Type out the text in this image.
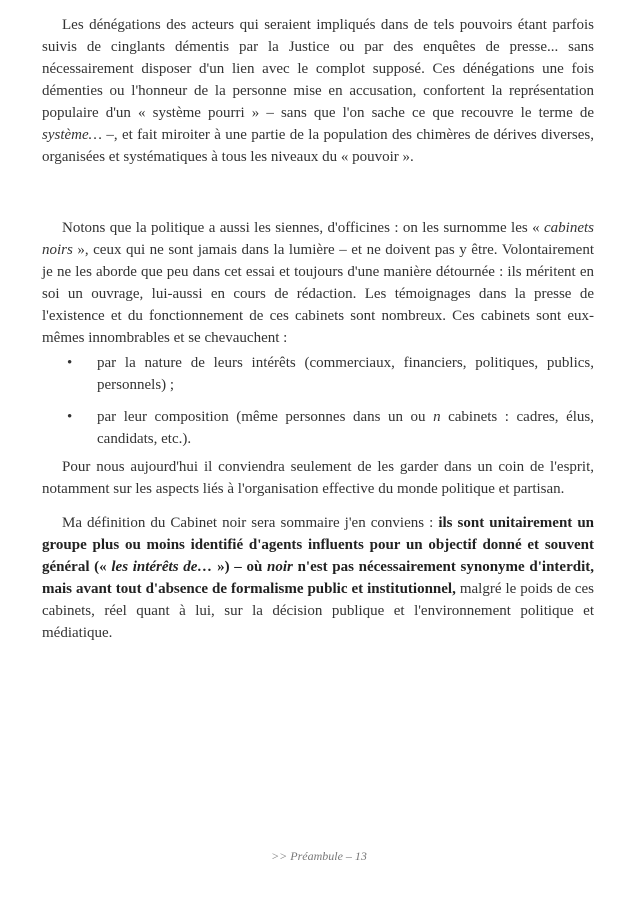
Les dénégations des acteurs qui seraient impliqués dans de tels pouvoirs étant parfois suivis de cinglants démentis par la Justice ou par des enquêtes de presse... sans nécessairement disposer d'un lien avec le complot supposé. Ces dénégations une fois démenties ou l'honneur de la personne mise en accusation, confortent la représentation populaire d'un « système pourri » – sans que l'on sache ce que recouvre le terme de système… –, et fait miroiter à une partie de la population des chimères de dérives diverses, organisées et systématiques à tous les niveaux du « pouvoir ».

Notons que la politique a aussi les siennes, d'officines : on les surnomme les « cabinets noirs », ceux qui ne sont jamais dans la lumière – et ne doivent pas y être. Volontairement je ne les aborde que peu dans cet essai et toujours d'une manière détournée : ils méritent en soi un ouvrage, lui-aussi en cours de rédaction. Les témoignages dans la presse de l'existence et du fonctionnement de ces cabinets sont nombreux. Ces cabinets sont eux-mêmes innombrables et se chevauchent :

• par la nature de leurs intérêts (commerciaux, financiers, politiques, publics, personnels) ;
• par leur composition (même personnes dans un ou n cabinets : cadres, élus, candidats, etc.).

Pour nous aujourd'hui il conviendra seulement de les garder dans un coin de l'esprit, notamment sur les aspects liés à l'organisation effective du monde politique et partisan.

Ma définition du Cabinet noir sera sommaire j'en conviens : ils sont unitairement un groupe plus ou moins identifié d'agents influents pour un objectif donné et souvent général (« les intérêts de… ») – où noir n'est pas nécessairement synonyme d'interdit, mais avant tout d'absence de formalisme public et institutionnel, malgré le poids de ces cabinets, réel quant à lui, sur la décision publique et l'environnement politique et médiatique.

>> Préambule – 13
